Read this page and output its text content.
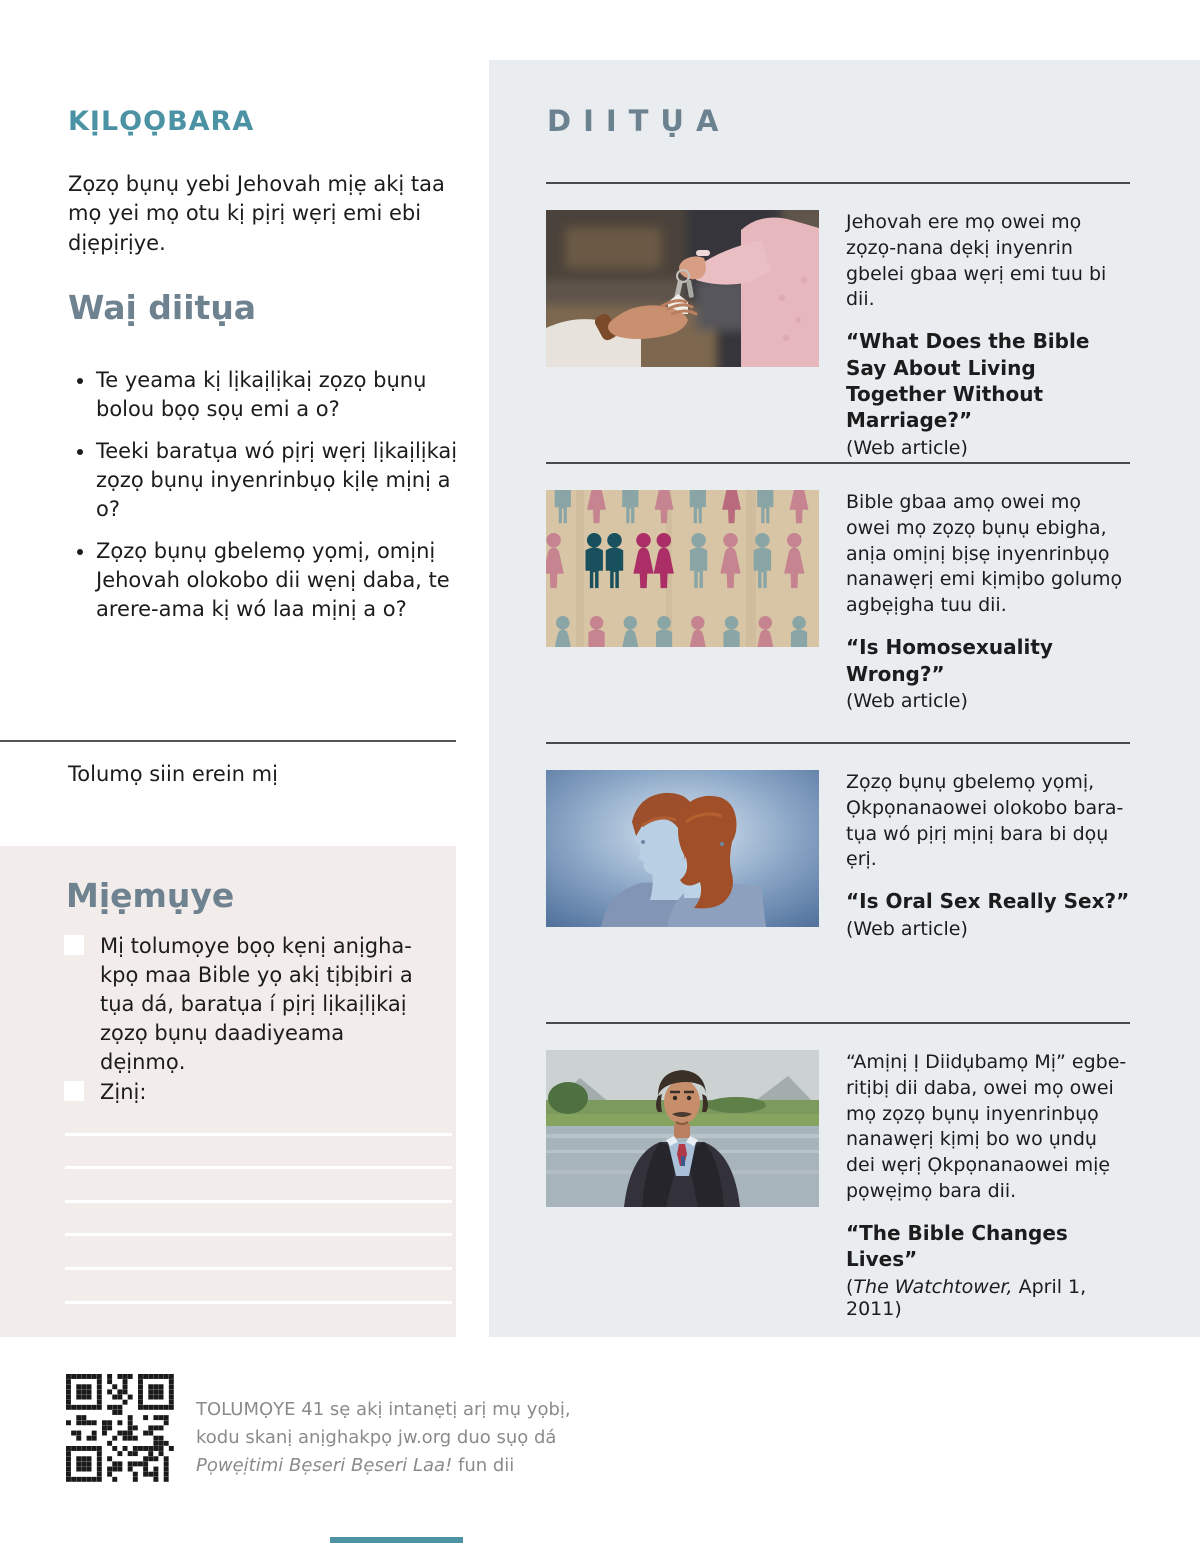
KỊLỌỌBARA
Zọzọ bụnụ yebi Jehovah mịẹ akị taa mọ yei mọ otu kị pịrị wẹrị emi ebi dịẹpịrịye.
Waị diitụa
• Te yeama kị lịkaịlịkaị zọzọ bụnụ bolou bọọ sọụ emi a o?
• Teeki baratụa wó pịrị wẹrị lịkaịlịkaị zọzọ bụnụ inyenrinbụọ kịlẹ mịnị a o?
• Zọzọ bụnụ gbelemọ yọmị, omịnị Jehovah olokobo dii wẹnị daba, te arere-ama kị wó laa mịnị a o?
Tolumọ siin erein mị
Mịẹmụye
Mị tolumọye bọọ kẹnị anịgha-kpọ maa Bible yọ akị tịbịbiri a tụa dá, baratụa í pịrị lịkaịlịkaị zọzọ bụnụ daadiyeama dẹịnmọ.
Zịnị:
TOLUMỌYE 41 sẹ akị intanẹtị arị mụ yọbị,
kodu skanị anịghakpọ jw.org duo sụọ dá
Pọwẹịtimi Bẹseri Bẹseri Laa! fun dii
DIITỤA
Jehovah ere mọ owei mọ zọzọ-nana dẹkị inyenrin gbelei gbaa wẹrị emi tuu bi dii.
“What Does the Bible Say About Living Together Without Marriage?”
(Web article)
Bible gbaa amọ owei mọ owei mọ zọzọ bụnụ ebigha, anịa omịnị bịsẹ inyenrinbụọ nanawẹrị emi kịmịbo golumọ agbẹịgha tuu dii.
“Is Homosexuality Wrong?”
(Web article)
Zọzọ bụnụ gbelemọ yọmị, Ọkpọnanaowei olokobo bara-tụa wó pịrị mịnị bara bi dọụ ẹrị.
“Is Oral Sex Really Sex?”
(Web article)
“Amịnị Ị Diidụbamọ Mị” egbe-ritịbị dii daba, owei mọ owei mọ zọzọ bụnụ inyenrinbụọ nanawẹrị kịmị bo wo ụndụ dei wẹrị Ọkpọnanaowei mịẹ pọwẹịmọ bara dii.
“The Bible Changes Lives”
(The Watchtower, April 1, 2011)
